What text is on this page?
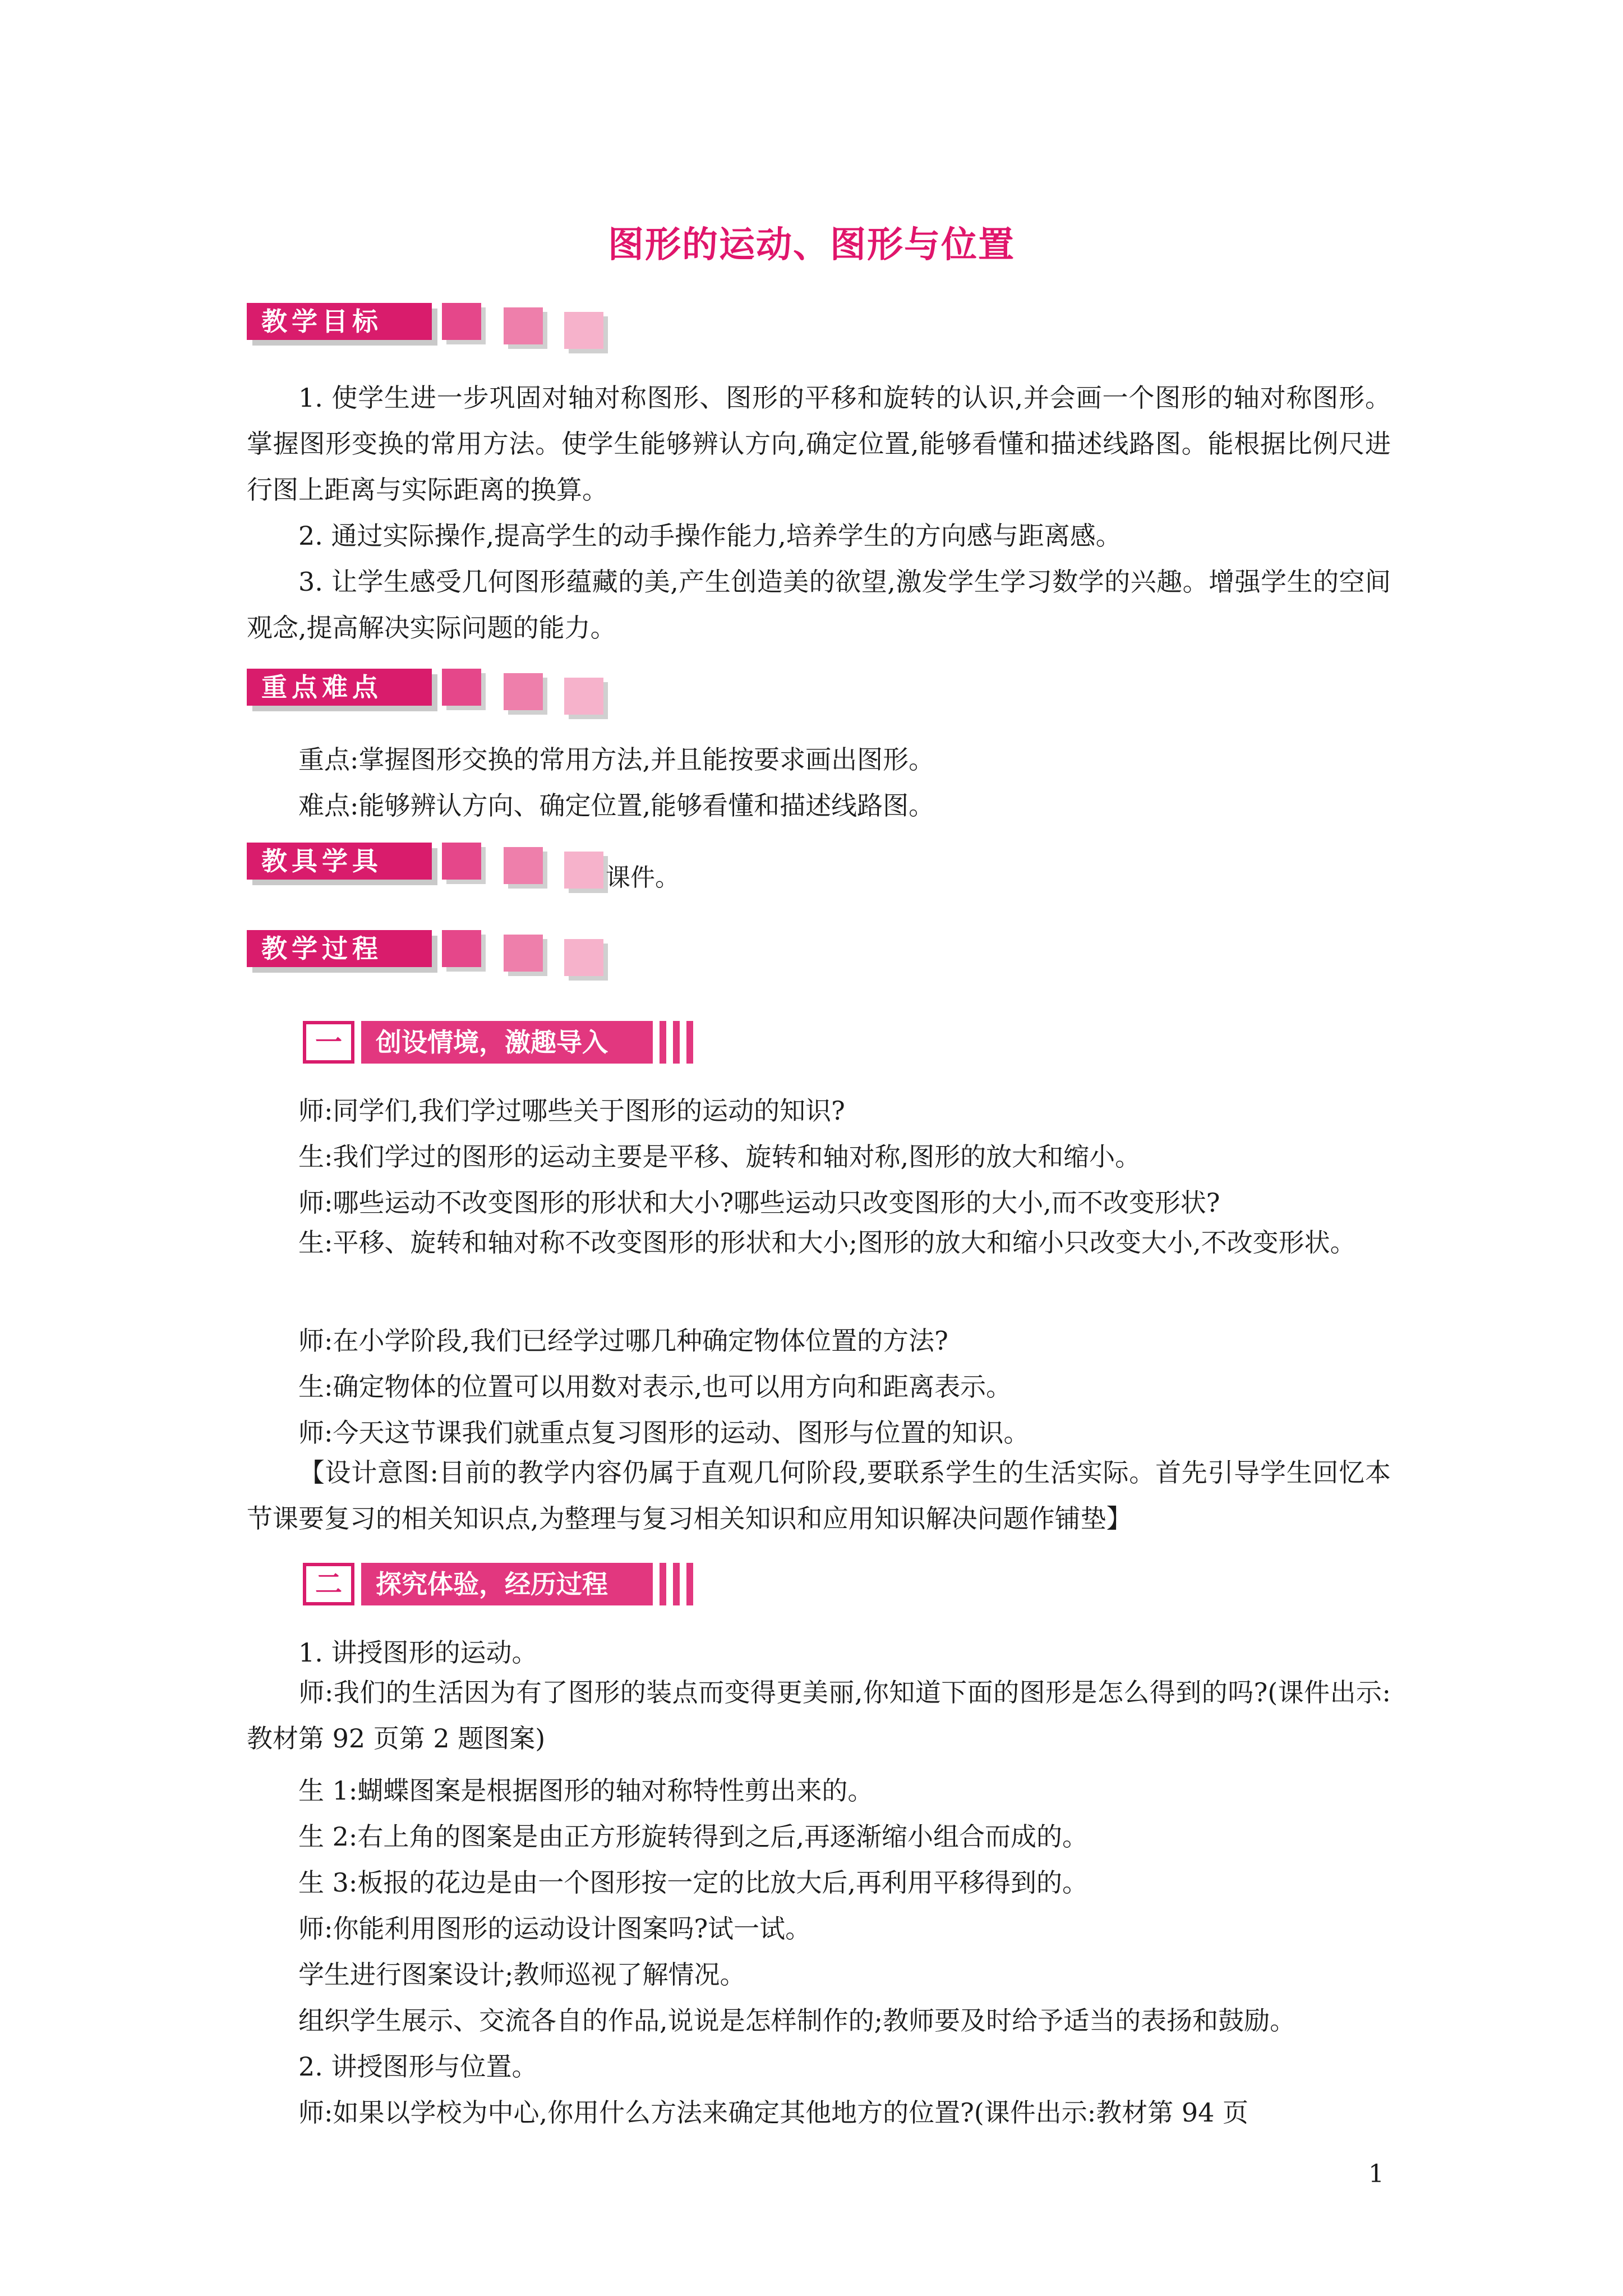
图形的运动、图形与位置
教学目标
1. 使学生进一步巩固对轴对称图形、图形的平移和旋转的认识,并会画一个图形的轴对称图形。掌握图形变换的常用方法。使学生能够辨认方向,确定位置,能够看懂和描述线路图。能根据比例尺进行图上距离与实际距离的换算。
2. 通过实际操作,提高学生的动手操作能力,培养学生的方向感与距离感。
3. 让学生感受几何图形蕴藏的美,产生创造美的欲望,激发学生学习数学的兴趣。增强学生的空间观念,提高解决实际问题的能力。
重点难点
重点:掌握图形交换的常用方法,并且能按要求画出图形。
难点:能够辨认方向、确定位置,能够看懂和描述线路图。
教具学具
课件。
教学过程
一	创设情境，激趣导入
师:同学们,我们学过哪些关于图形的运动的知识?
生:我们学过的图形的运动主要是平移、旋转和轴对称,图形的放大和缩小。
师:哪些运动不改变图形的形状和大小?哪些运动只改变图形的大小,而不改变形状?
生:平移、旋转和轴对称不改变图形的形状和大小;图形的放大和缩小只改变大小,不改变形状。
师:在小学阶段,我们已经学过哪几种确定物体位置的方法?
生:确定物体的位置可以用数对表示,也可以用方向和距离表示。
师:今天这节课我们就重点复习图形的运动、图形与位置的知识。
【设计意图:目前的教学内容仍属于直观几何阶段,要联系学生的生活实际。首先引导学生回忆本节课要复习的相关知识点,为整理与复习相关知识和应用知识解决问题作铺垫】
二	探究体验，经历过程
1. 讲授图形的运动。
师:我们的生活因为有了图形的装点而变得更美丽,你知道下面的图形是怎么得到的吗?(课件出示:教材第 92 页第 2 题图案)
生 1:蝴蝶图案是根据图形的轴对称特性剪出来的。
生 2:右上角的图案是由正方形旋转得到之后,再逐渐缩小组合而成的。
生 3:板报的花边是由一个图形按一定的比放大后,再利用平移得到的。
师:你能利用图形的运动设计图案吗?试一试。
学生进行图案设计;教师巡视了解情况。
组织学生展示、交流各自的作品,说说是怎样制作的;教师要及时给予适当的表扬和鼓励。
2. 讲授图形与位置。
师:如果以学校为中心,你用什么方法来确定其他地方的位置?(课件出示:教材第 94 页
1
